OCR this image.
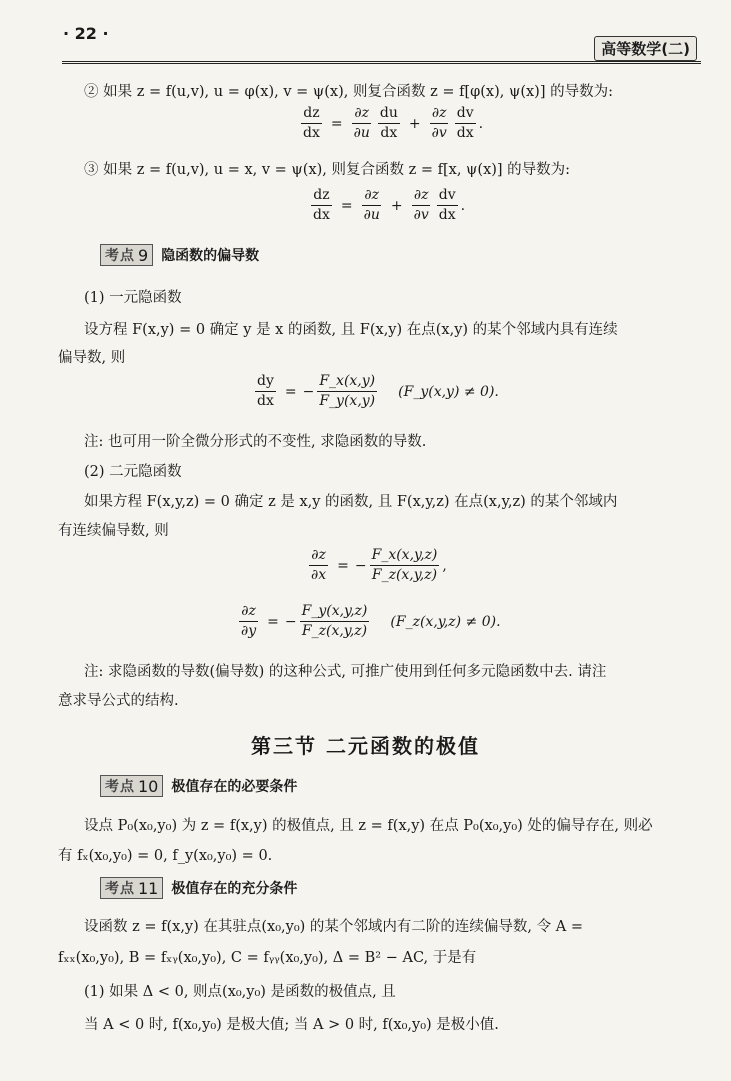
· 22 ·
高等数学(二)
② 如果 z = f(u,v), u = φ(x), v = ψ(x), 则复合函数 z = f[φ(x), ψ(x)] 的导数为:
$\frac{dz}{dx} = \frac{\partial z}{\partial u} \frac{du}{dx} + \frac{\partial z}{\partial v} \frac{dv}{dx}$ .
③ 如果 z = f(u,v), u = x, v = ψ(x), 则复合函数 z = f[x, ψ(x)] 的导数为:
$\frac{dz}{dx} = \frac{\partial z}{\partial u} + \frac{\partial z}{\partial v} \frac{dv}{dx}$ .
考点 9 隐函数的偏导数
(1) 一元隐函数
设方程 F(x,y) = 0 确定 y 是 x 的函数, 且 F(x,y) 在点(x,y) 的某个邻域内具有连续
偏导数, 则
$\frac{dy}{dx}$ = − $\frac{F\_x(x,y)}{F\_y(x,y)}$ (F_y(x,y) ≠ 0).
注: 也可用一阶全微分形式的不变性, 求隐函数的导数.
(2) 二元隐函数
如果方程 F(x,y,z) = 0 确定 z 是 x,y 的函数, 且 F(x,y,z) 在点(x,y,z) 的某个邻域内
有连续偏导数, 则
$\frac{\partial z}{\partial x}$ = − $\frac{F\_x(x,y,z)}{F\_z(x,y,z)}$ ,
$\frac{\partial z}{\partial y}$ = − $\frac{F\_y(x,y,z)}{F\_z(x,y,z)}$ (F_z(x,y,z) ≠ 0).
注: 求隐函数的导数(偏导数) 的这种公式, 可推广使用到任何多元隐函数中去. 请注
意求导公式的结构.
第三节 二元函数的极值
考点 10 极值存在的必要条件
设点 P₀(x₀,y₀) 为 z = f(x,y) 的极值点, 且 z = f(x,y) 在点 P₀(x₀,y₀) 处的偏导存在, 则必
有 fₓ(x₀,y₀) = 0, f_y(x₀,y₀) = 0.
考点 11 极值存在的充分条件
设函数 z = f(x,y) 在其驻点(x₀,y₀) 的某个邻域内有二阶的连续偏导数, 令 A =
fₓₓ(x₀,y₀), B = fₓᵧ(x₀,y₀), C = fᵧᵧ(x₀,y₀), Δ = B² − AC, 于是有
(1) 如果 Δ < 0, 则点(x₀,y₀) 是函数的极值点, 且
当 A < 0 时, f(x₀,y₀) 是极大值; 当 A > 0 时, f(x₀,y₀) 是极小值.
